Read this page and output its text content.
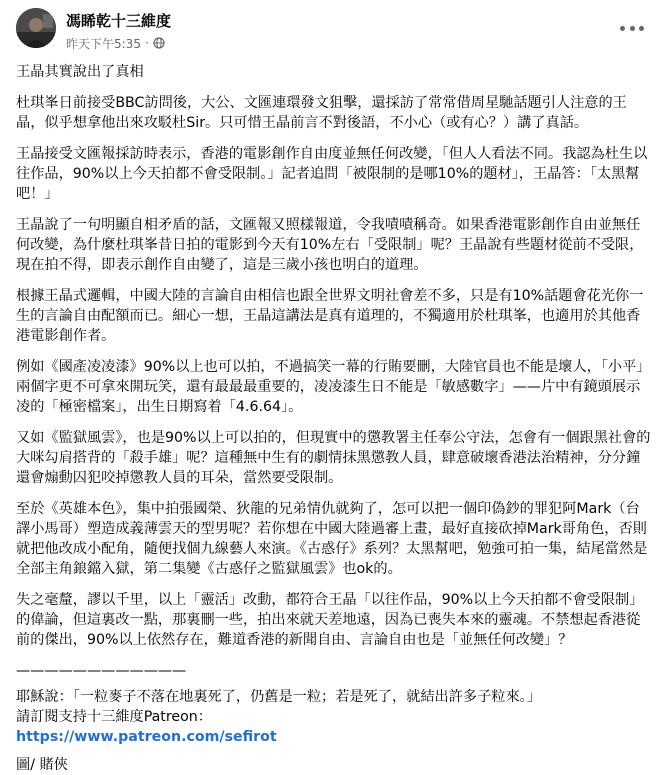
馮睎乾十三維度
昨天下午5:35 ·

王晶其實說出了真相

杜琪峯日前接受BBC訪問後，大公、文匯連環發文狙擊，還採訪了常常借周星馳話題引人注意的王晶，似乎想拿他出來攻駁杜Sir。只可惜王晶前言不對後語，不小心（或有心？）講了真話。

王晶接受文匯報採訪時表示，香港的電影創作自由度並無任何改變，「但人人看法不同。我認為杜生以往作品，90%以上今天拍都不會受限制。」記者追問「被限制的是哪10%的題材」，王晶答：「太黑幫吧！」

王晶說了一句明顯自相矛盾的話，文匯報又照樣報道，令我嘖嘖稱奇。如果香港電影創作自由並無任何改變，為什麼杜琪峯昔日拍的電影到今天有10%左右「受限制」呢？王晶說有些題材從前不受限，現在拍不得，即表示創作自由變了，這是三歲小孩也明白的道理。

根據王晶式邏輯，中國大陸的言論自由相信也跟全世界文明社會差不多，只是有10%話題會花光你一生的言論自由配額而已。細心一想，王晶這講法是真有道理的，不獨適用於杜琪峯，也適用於其他香港電影創作者。

例如《國產凌凌漆》90%以上也可以拍，不過搞笑一幕的行賄要刪，大陸官員也不能是壞人，「小平」兩個字更不可拿來開玩笑，還有最最最重要的，凌凌漆生日不能是「敏感數字」——片中有鏡頭展示凌的「極密檔案」，出生日期寫着「4.6.64」。

又如《監獄風雲》，也是90%以上可以拍的，但現實中的懲教署主任奉公守法，怎會有一個跟黑社會的大咪勾肩搭背的「殺手雄」呢？這種無中生有的劇情抹黑懲教人員，肆意破壞香港法治精神，分分鐘還會煽動囚犯咬掉懲教人員的耳朵，當然要受限制。

至於《英雄本色》，集中拍張國榮、狄龍的兄弟情仇就夠了，怎可以把一個印偽鈔的罪犯阿Mark（台譯小馬哥）塑造成義薄雲天的型男呢？若你想在中國大陸過審上畫，最好直接砍掉Mark哥角色，否則就把他改成小配角，隨便找個九線藝人來演。《古惑仔》系列？太黑幫吧，勉強可拍一集，結尾當然是全部主角鋃鐺入獄，第二集變《古惑仔之監獄風雲》也ok的。

失之毫釐，謬以千里，以上「靈活」改動，都符合王晶「以往作品，90%以上今天拍都不會受限制」的偉論，但這裏改一點，那裏刪一些，拍出來就天差地遠，因為已喪失本來的靈魂。不禁想起香港從前的傑出，90%以上依然存在，難道香港的新聞自由、言論自由也是「並無任何改變」？

————————————

耶穌說：「一粒麥子不落在地裏死了，仍舊是一粒；若是死了，就結出許多子粒來。」

請訂閱支持十三維度Patreon：

https://www.patreon.com/sefirot

圖/ 賭俠
